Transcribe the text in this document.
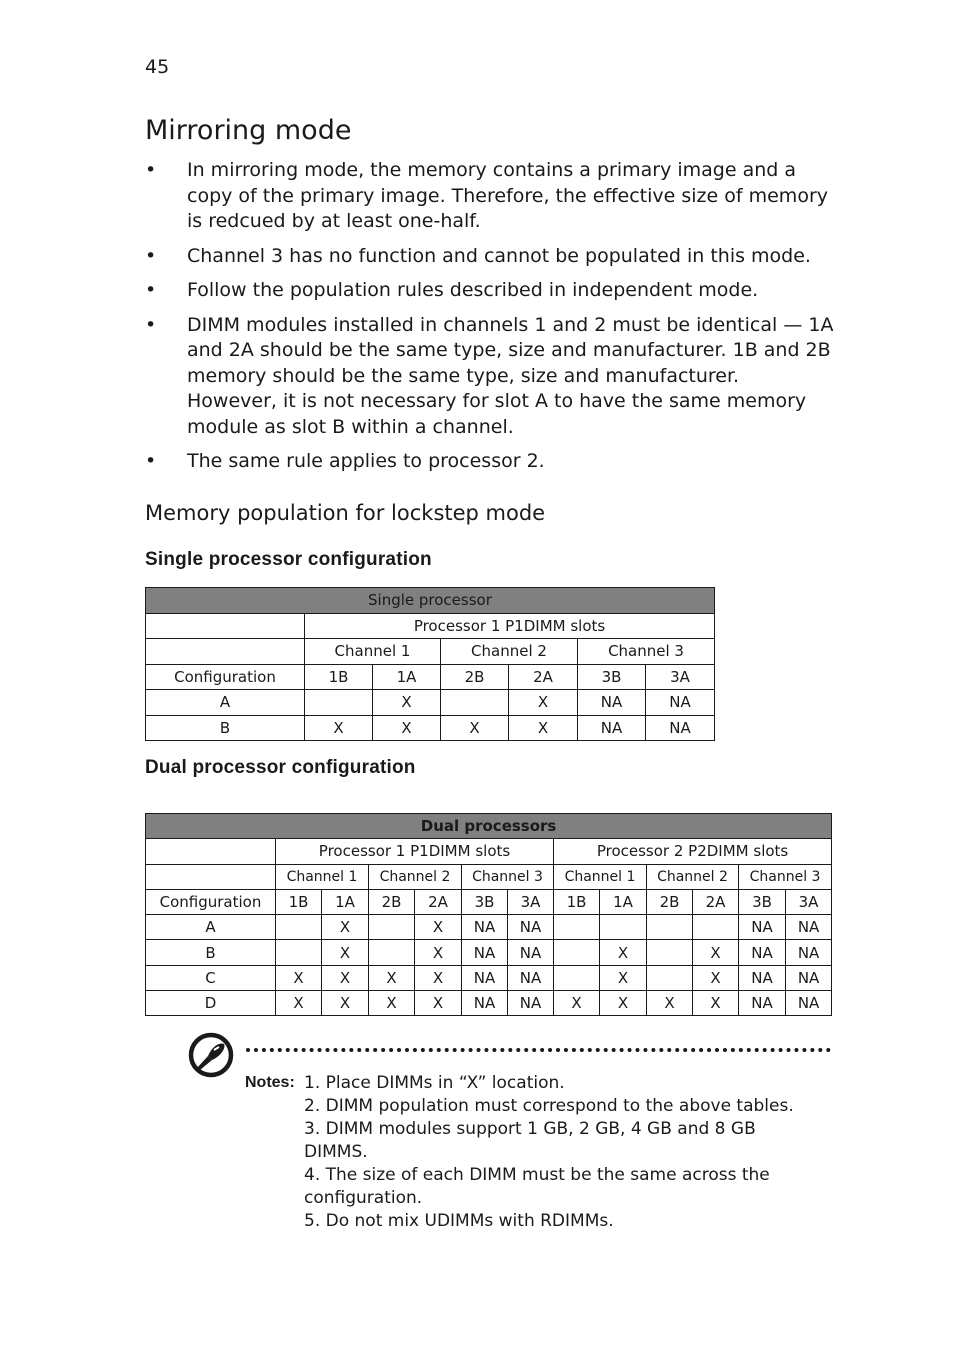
45
Mirroring mode
• In mirroring mode, the memory contains a primary image and a copy of the primary image. Therefore, the effective size of memory is redcued by at least one-half.
• Channel 3 has no function and cannot be populated in this mode.
• Follow the population rules described in independent mode.
• DIMM modules installed in channels 1 and 2 must be identical — 1A and 2A should be the same type, size and manufacturer. 1B and 2B memory should be the same type, size and manufacturer. However, it is not necessary for slot A to have the same memory module as slot B within a channel.
• The same rule applies to processor 2.
Memory population for lockstep mode
Single processor configuration
Single processor						
	Processor 1 P1DIMM slots					
	Channel 1		Channel 2		Channel 3	
Configuration	1B	1A	2B	2A	3B	3A
A		X		X	NA	NA
B	X	X	X	X	NA	NA
Dual processor configuration
Dual processors												
	Processor 1 P1DIMM slots						Processor 2 P2DIMM slots					
	Channel 1		Channel 2		Channel 3		Channel 1		Channel 2		Channel 3	
Configuration	1B	1A	2B	2A	3B	3A	1B	1A	2B	2A	3B	3A
A		X		X	NA	NA					NA	NA
B		X		X	NA	NA		X		X	NA	NA
C	X	X	X	X	NA	NA		X		X	NA	NA
D	X	X	X	X	NA	NA	X	X	X	X	NA	NA
Notes: 1. Place DIMMs in “X” location.
2. DIMM population must correspond to the above tables.
3. DIMM modules support 1 GB, 2 GB, 4 GB and 8 GB DIMMS.
4. The size of each DIMM must be the same across the configuration.
5. Do not mix UDIMMs with RDIMMs.
